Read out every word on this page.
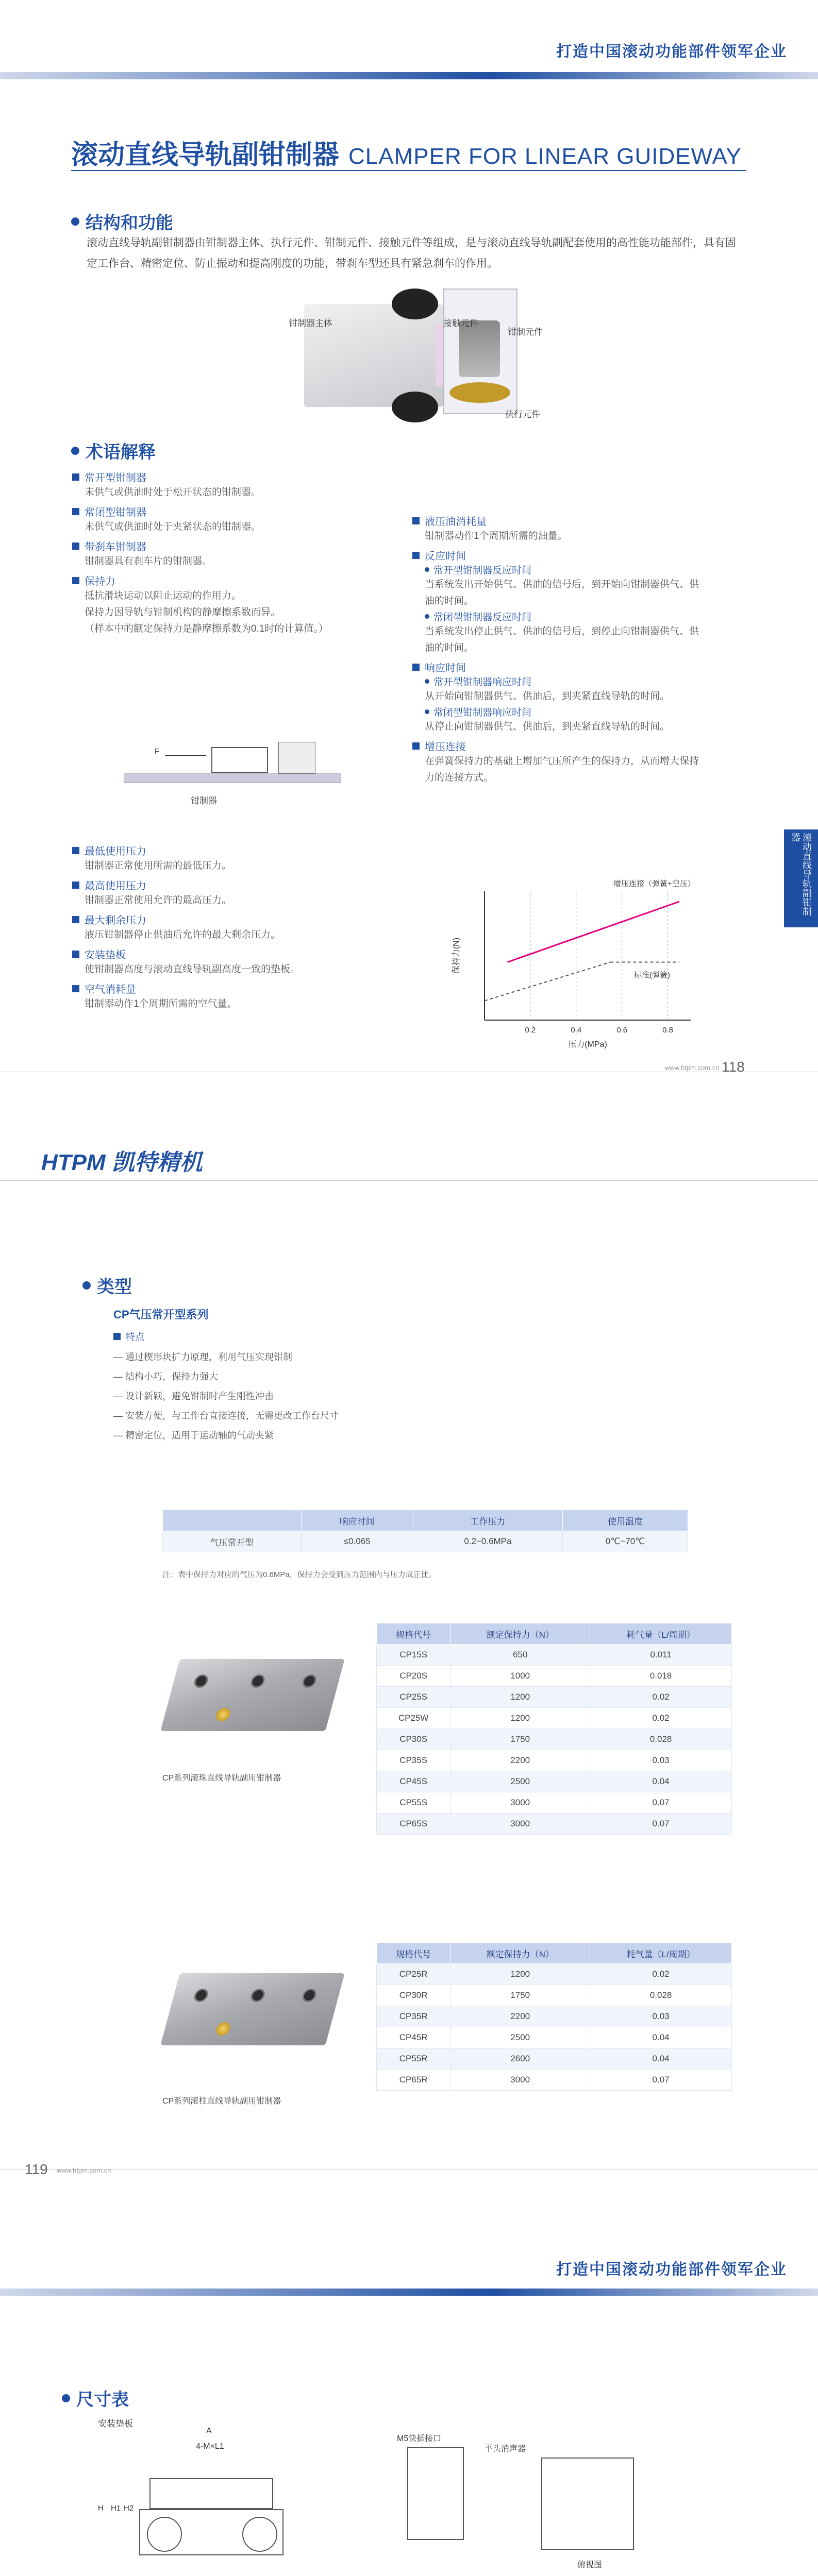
打造中国滚动功能部件领军企业
滚动直线导轨副钳制器 CLAMPER FOR LINEAR GUIDEWAY
结构和功能
滚动直线导轨副钳制器由钳制器主体、执行元件、钳制元件、接触元件等组成，是与滚动直线导轨副配套使用的高性能功能部件，具有固定工作台、精密定位、防止振动和提高刚度的功能，带刹车型还具有紧急刹车的作用。
钳制器主体	接触元件
钳制元件
执行元件
术语解释
常开型钳制器
未供气或供油时处于松开状态的钳制器。
常闭型钳制器
未供气或供油时处于夹紧状态的钳制器。
带刹车钳制器
钳制器具有刹车片的钳制器。
保持力
抵抗滑块运动以阻止运动的作用力。
保持力因导轨与钳制机构的静摩擦系数而异。
（样本中的额定保持力是静摩擦系数为0.1时的计算值。）
F
钳制器
最低使用压力
钳制器正常使用所需的最低压力。
最高使用压力
钳制器正常使用允许的最高压力。
最大剩余压力
液压钳制器停止供油后允许的最大剩余压力。
安装垫板
使钳制器高度与滚动直线导轨副高度一致的垫板。
空气消耗量
钳制器动作1个周期所需的空气量。
液压油消耗量
钳制器动作1个周期所需的油量。
反应时间
常开型钳制器反应时间
当系统发出开始供气、供油的信号后，到开始向钳制器供气、供油的时间。
常闭型钳制器反应时间
当系统发出停止供气、供油的信号后，到停止向钳制器供气、供油的时间。
响应时间
常开型钳制器响应时间
从开始向钳制器供气、供油后，到夹紧直线导轨的时间。
常闭型钳制器响应时间
从停止向钳制器供气、供油后，到夹紧直线导轨的时间。
增压连接
在弹簧保持力的基础上增加气压所产生的保持力，从而增大保持力的连接方式。
0.2	0.4	0.6	0.8
压力(MPa)
保持力(N)
增压连接（弹簧+空压）
标准(弹簧)
滚动直线导轨副钳制器
www.htpm.com.cn 118
HTPM 凯特精机
类型
CP气压常开型系列
特点
— 通过楔形块扩力原理，利用气压实现钳制
— 结构小巧，保持力强大
— 设计新颖，避免钳制时产生刚性冲击
— 安装方便，与工作台直接连接，无需更改工作台尺寸
— 精密定位，适用于运动轴的气动夹紧
	响应时间	工作压力	使用温度
气压常开型	≤0.065	0.2~0.6MPa	0℃~70℃
注：表中保持力对应的气压为0.6MPa，保持力会受到压力范围内与压力成正比。
CP系列滚珠直线导轨副用钳制器
规格代号	额定保持力（N）	耗气量（L/周期）
CP15S	650	0.011
CP20S	1000	0.018
CP25S	1200	0.02
CP25W	1200	0.02
CP30S	1750	0.028
CP35S	2200	0.03
CP45S	2500	0.04
CP55S	3000	0.07
CP65S	3000	0.07
CP系列滚柱直线导轨副用钳制器
规格代号	额定保持力（N）	耗气量（L/周期）
CP25R	1200	0.02
CP30R	1750	0.028
CP35R	2200	0.03
CP45R	2500	0.04
CP55R	2600	0.04
CP65R	3000	0.07
119 www.htpm.com.cn
打造中国滚动功能部件领军企业
尺寸表
安装垫板
A
4-M×L1
H H1 H2
M5快插接口
平头消声器
俯视图
